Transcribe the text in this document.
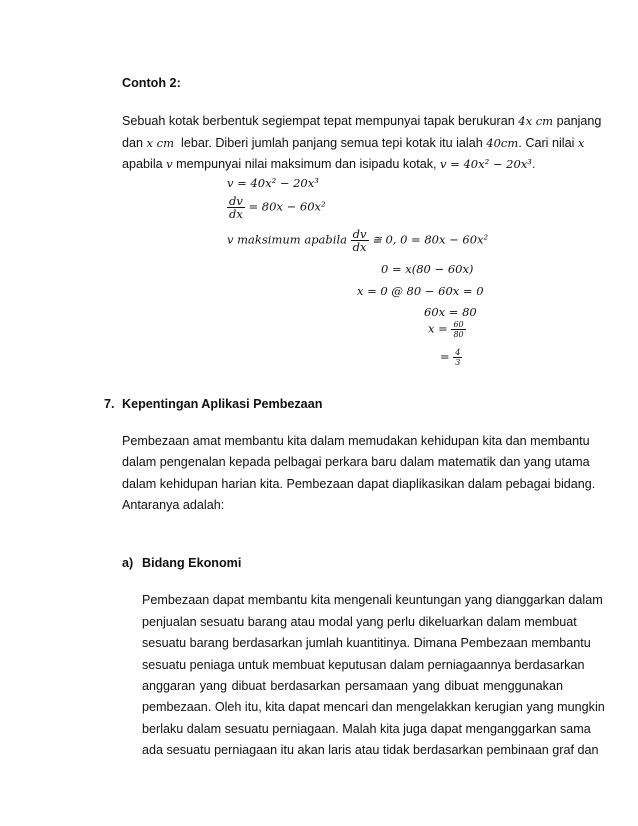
Contoh 2:
Sebuah kotak berbentuk segiempat tepat mempunyai tapak berukuran 4x cm panjang
dan x cm lebar. Diberi jumlah panjang semua tepi kotak itu ialah 40cm. Cari nilai x
apabila v mempunyai nilai maksimum dan isipadu kotak, v = 40x² − 20x³.
v = 40x² − 20x³
$\frac{dv}{dx} = 80x - 60x^2$
v maksimum apabila $\frac{dv}{dx}$ ≅ 0, 0 = 80x − 60x²
0 = x(80 − 60x)
x = 0 @ 80 − 60x = 0
60x = 80
$x = \frac{60}{80}$
= $\frac{4}{3}$
7. Kepentingan Aplikasi Pembezaan
Pembezaan amat membantu kita dalam memudakan kehidupan kita dan membantu
dalam pengenalan kepada pelbagai perkara baru dalam matematik dan yang utama
dalam kehidupan harian kita. Pembezaan dapat diaplikasikan dalam pebagai bidang.
Antaranya adalah:
a) Bidang Ekonomi
Pembezaan dapat membantu kita mengenali keuntungan yang dianggarkan dalam
penjualan sesuatu barang atau modal yang perlu dikeluarkan dalam membuat
sesuatu barang berdasarkan jumlah kuantitinya. Dimana Pembezaan membantu
sesuatu peniaga untuk membuat keputusan dalam perniagaannya berdasarkan
anggaran yang dibuat berdasarkan persamaan yang dibuat menggunakan
pembezaan. Oleh itu, kita dapat mencari dan mengelakkan kerugian yang mungkin
berlaku dalam sesuatu perniagaan. Malah kita juga dapat menganggarkan sama
ada sesuatu perniagaan itu akan laris atau tidak berdasarkan pembinaan graf dan
